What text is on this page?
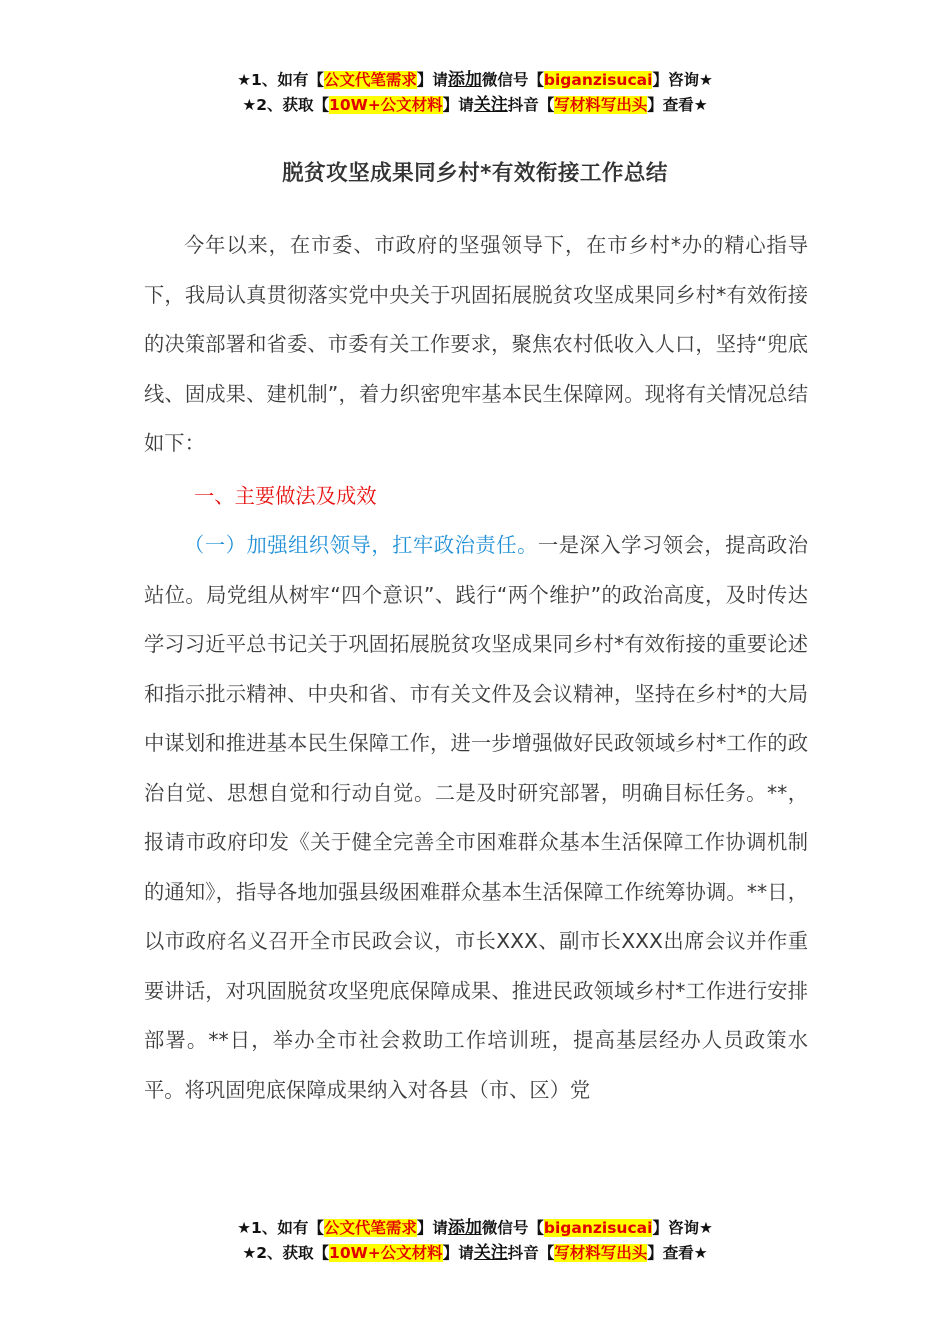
★1、如有【公文代笔需求】请添加微信号【biganzisucai】咨询★
★2、获取【10W+公文材料】请关注抖音【写材料写出头】查看★
脱贫攻坚成果同乡村*有效衔接工作总结
今年以来，在市委、市政府的坚强领导下，在市乡村*办的精心指导下，我局认真贯彻落实党中央关于巩固拓展脱贫攻坚成果同乡村*有效衔接的决策部署和省委、市委有关工作要求，聚焦农村低收入人口，坚持“兜底线、固成果、建机制”，着力织密兜牢基本民生保障网。现将有关情况总结如下：
一、主要做法及成效
（一）加强组织领导，扛牢政治责任。一是深入学习领会，提高政治站位。局党组从树牢“四个意识”、践行“两个维护”的政治高度，及时传达学习习近平总书记关于巩固拓展脱贫攻坚成果同乡村*有效衔接的重要论述和指示批示精神、中央和省、市有关文件及会议精神，坚持在乡村*的大局中谋划和推进基本民生保障工作，进一步增强做好民政领域乡村*工作的政治自觉、思想自觉和行动自觉。二是及时研究部署，明确目标任务。**，报请市政府印发《关于健全完善全市困难群众基本生活保障工作协调机制的通知》，指导各地加强县级困难群众基本生活保障工作统筹协调。**日，以市政府名义召开全市民政会议，市长XXX、副市长XXX出席会议并作重要讲话，对巩固脱贫攻坚兜底保障成果、推进民政领域乡村*工作进行安排部署。**日，举办全市社会救助工作培训班，提高基层经办人员政策水平。将巩固兜底保障成果纳入对各县（市、区）党
★1、如有【公文代笔需求】请添加微信号【biganzisucai】咨询★
★2、获取【10W+公文材料】请关注抖音【写材料写出头】查看★
